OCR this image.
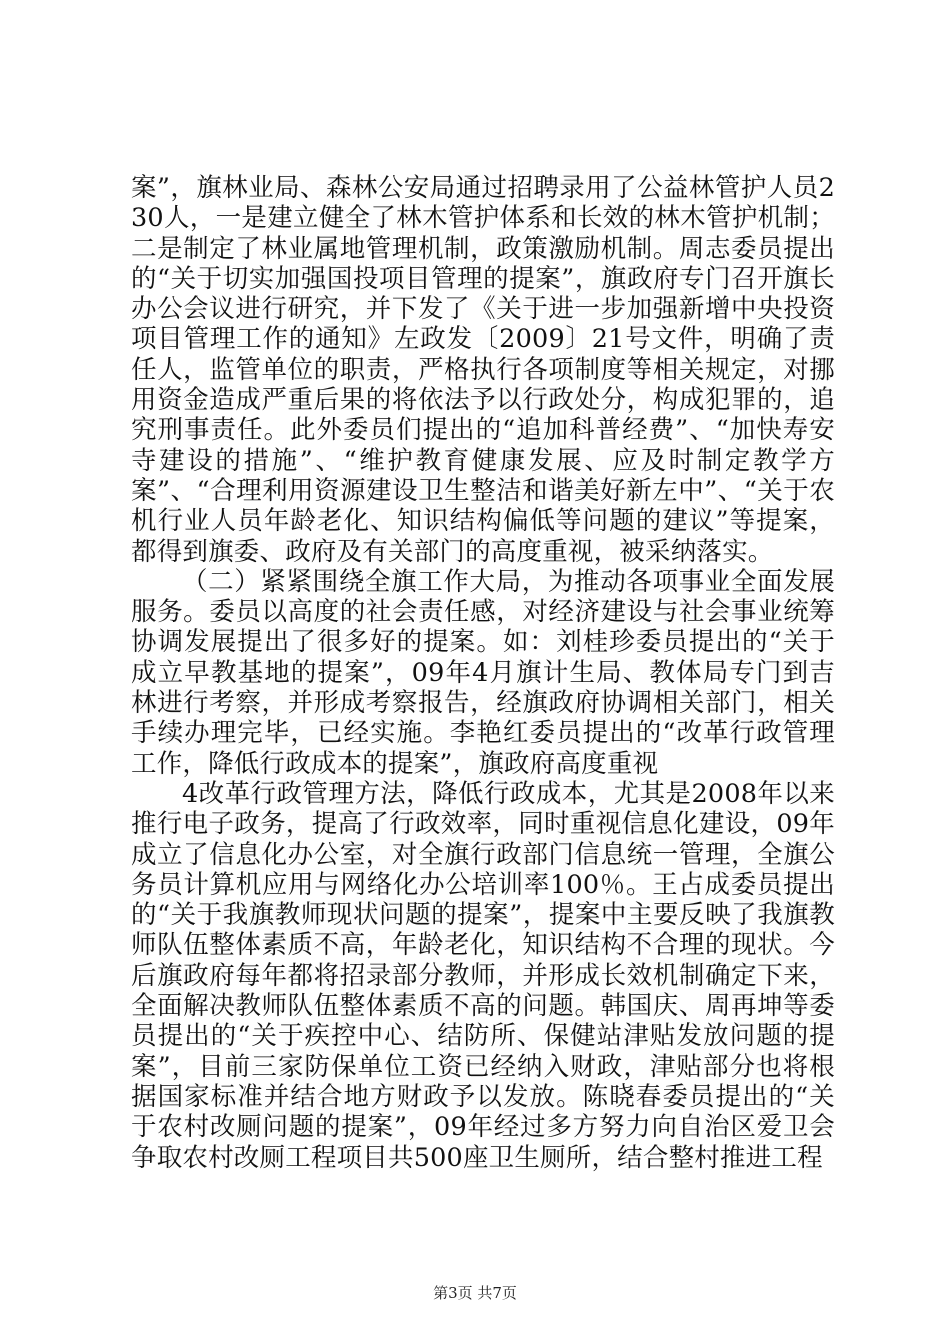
案”，旗林业局、森林公安局通过招聘录用了公益林管护人员230人，一是建立健全了林木管护体系和长效的林木管护机制；二是制定了林业属地管理机制，政策激励机制。周志委员提出的“关于切实加强国投项目管理的提案”，旗政府专门召开旗长办公会议进行研究，并下发了《关于进一步加强新增中央投资项目管理工作的通知》左政发〔2009〕21号文件，明确了责任人，监管单位的职责，严格执行各项制度等相关规定，对挪用资金造成严重后果的将依法予以行政处分，构成犯罪的，追究刑事责任。此外委员们提出的“追加科普经费”、“加快寿安寺建设的措施”、“维护教育健康发展、应及时制定教学方案”、“合理利用资源建设卫生整洁和谐美好新左中”、“关于农机行业人员年龄老化、知识结构偏低等问题的建议”等提案，都得到旗委、政府及有关部门的高度重视，被采纳落实。

（二）紧紧围绕全旗工作大局，为推动各项事业全面发展服务。委员以高度的社会责任感，对经济建设与社会事业统筹协调发展提出了很多好的提案。如：刘桂珍委员提出的“关于成立早教基地的提案”，09年4月旗计生局、教体局专门到吉林进行考察，并形成考察报告，经旗政府协调相关部门，相关手续办理完毕，已经实施。李艳红委员提出的“改革行政管理工作，降低行政成本的提案”，旗政府高度重视

4改革行政管理方法，降低行政成本，尤其是2008年以来推行电子政务，提高了行政效率，同时重视信息化建设，09年成立了信息化办公室，对全旗行政部门信息统一管理，全旗公务员计算机应用与网络化办公培训率100％。王占成委员提出的“关于我旗教师现状问题的提案”，提案中主要反映了我旗教师队伍整体素质不高，年龄老化，知识结构不合理的现状。今后旗政府每年都将招录部分教师，并形成长效机制确定下来，全面解决教师队伍整体素质不高的问题。韩国庆、周再坤等委员提出的“关于疾控中心、结防所、保健站津贴发放问题的提案”，目前三家防保单位工资已经纳入财政，津贴部分也将根据国家标准并结合地方财政予以发放。陈晓春委员提出的“关于农村改厕问题的提案”，09年经过多方努力向自治区爱卫会争取农村改厕工程项目共500座卫生厕所，结合整村推进工程

第3页 共7页
